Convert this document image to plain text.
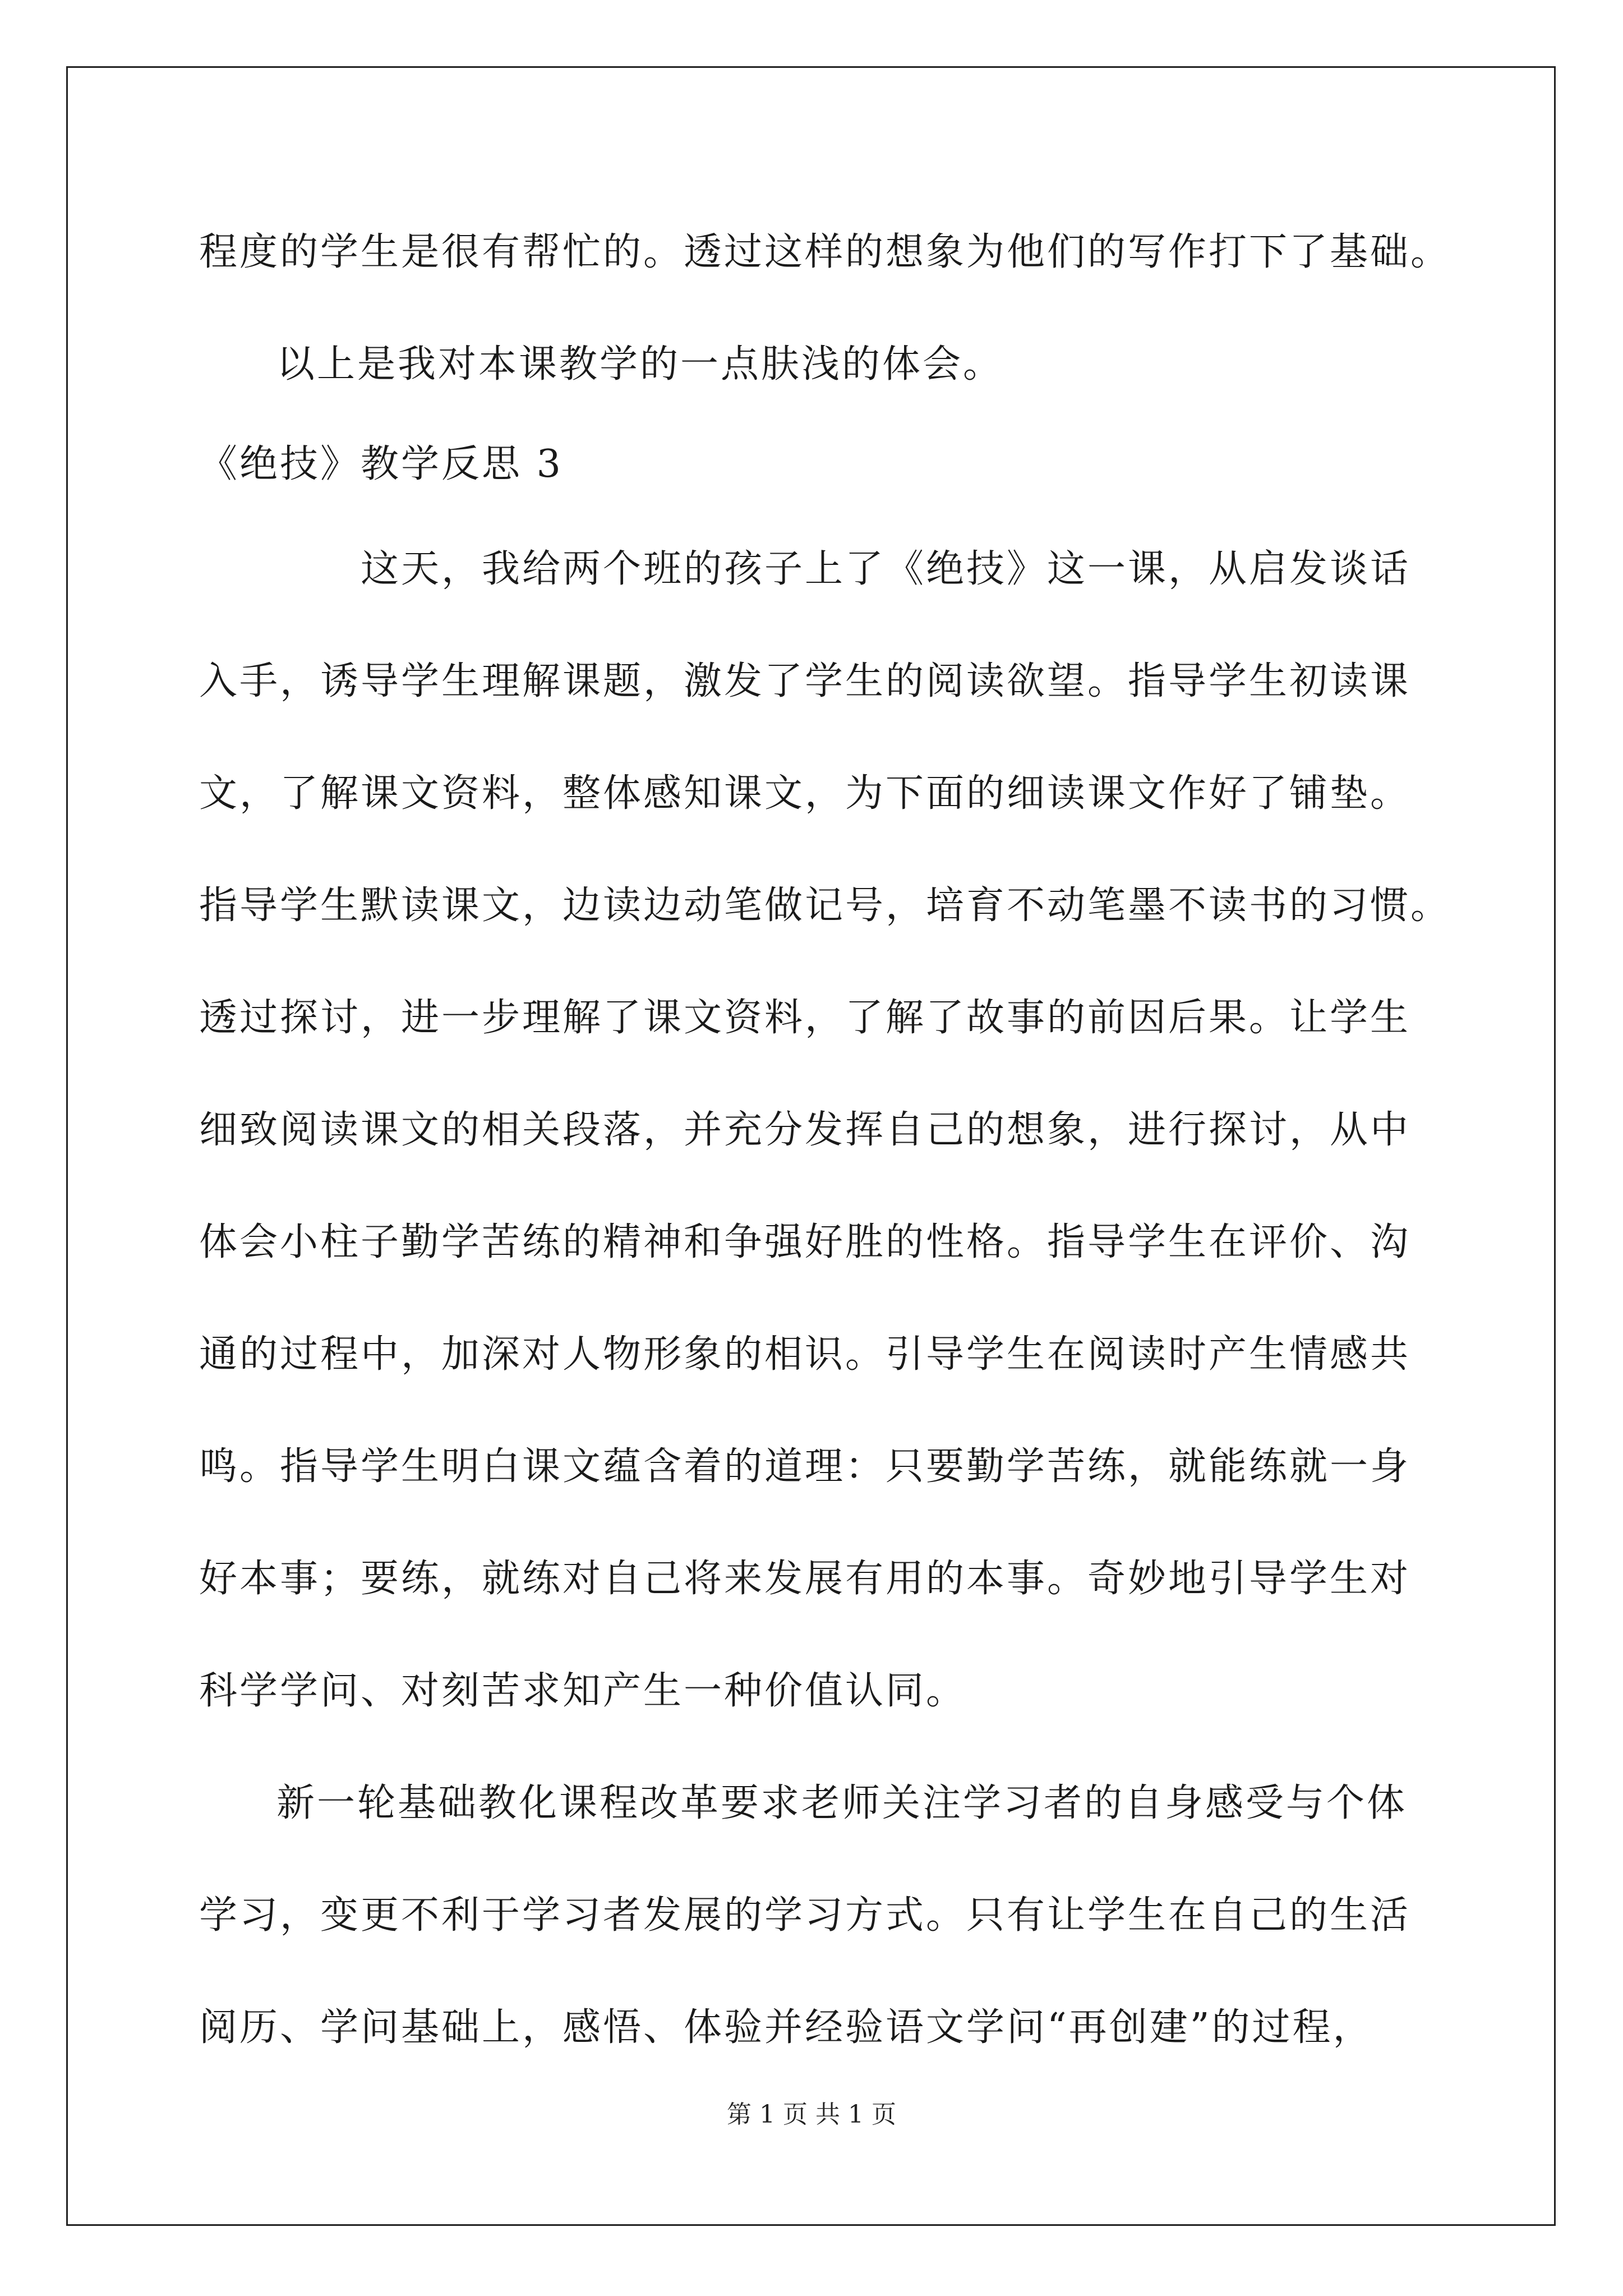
程度的学生是很有帮忙的。透过这样的想象为他们的写作打下了基础。
以上是我对本课教学的一点肤浅的体会。
《绝技》教学反思 3
这天，我给两个班的孩子上了《绝技》这一课，从启发谈话
入手，诱导学生理解课题，激发了学生的阅读欲望。指导学生初读课
文，了解课文资料，整体感知课文，为下面的细读课文作好了铺垫。
指导学生默读课文，边读边动笔做记号，培育不动笔墨不读书的习惯。
透过探讨，进一步理解了课文资料，了解了故事的前因后果。让学生
细致阅读课文的相关段落，并充分发挥自己的想象，进行探讨，从中
体会小柱子勤学苦练的精神和争强好胜的性格。指导学生在评价、沟
通的过程中，加深对人物形象的相识。引导学生在阅读时产生情感共
鸣。指导学生明白课文蕴含着的道理：只要勤学苦练，就能练就一身
好本事；要练，就练对自己将来发展有用的本事。奇妙地引导学生对
科学学问、对刻苦求知产生一种价值认同。
新一轮基础教化课程改革要求老师关注学习者的自身感受与个体
学习，变更不利于学习者发展的学习方式。只有让学生在自己的生活
阅历、学问基础上，感悟、体验并经验语文学问“再创建”的过程，
第 1 页 共 1 页
